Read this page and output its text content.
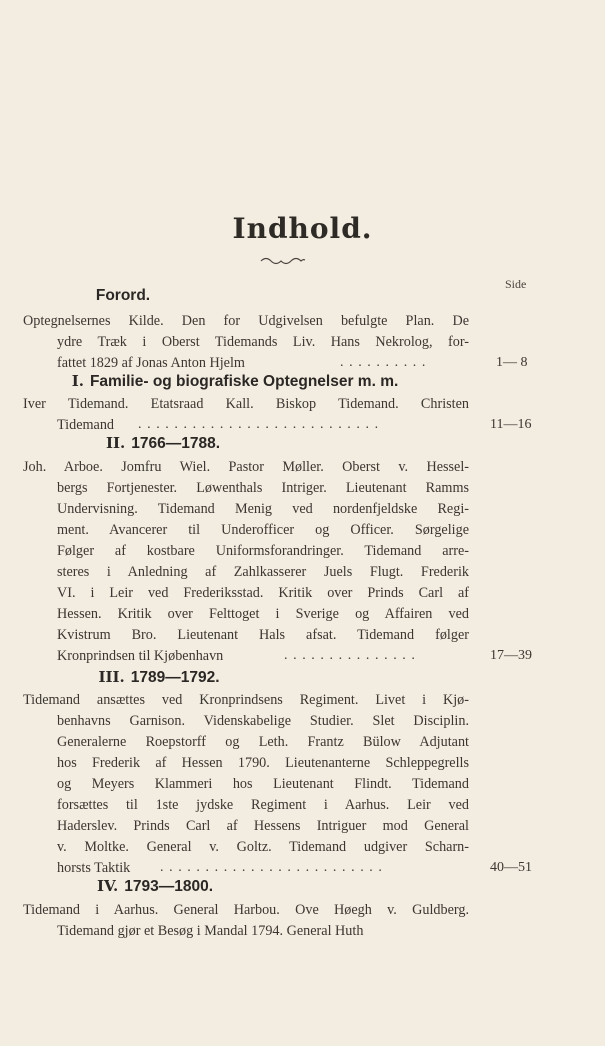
Indhold.
Side
Forord.
Optegnelsernes Kilde. Den for Udgivelsen befulgte Plan. De
ydre Træk i Oberst Tidemands Liv. Hans Nekrolog, for-
fattet 1829 af Jonas Anton Hjelm	..........	1— 8
I. Familie- og biografiske Optegnelser m. m.
Iver Tidemand. Etatsraad Kall. Biskop Tidemand. Christen
Tidemand	...........................	11—16
II. 1766—1788.
Joh. Arboe. Jomfru Wiel. Pastor Møller. Oberst v. Hessel-
bergs Fortjenester. Løwenthals Intriger. Lieutenant Ramms
Undervisning. Tidemand Menig ved nordenfjeldske Regi-
ment. Avancerer til Underofficer og Officer. Sørgelige
Følger af kostbare Uniformsforandringer. Tidemand arre-
steres i Anledning af Zahlkasserer Juels Flugt. Frederik
VI. i Leir ved Frederiksstad. Kritik over Prinds Carl af
Hessen. Kritik over Felttoget i Sverige og Affairen ved
Kvistrum Bro. Lieutenant Hals afsat. Tidemand følger
Kronprindsen til Kjøbenhavn	...............	17—39
III. 1789—1792.
Tidemand ansættes ved Kronprindsens Regiment. Livet i Kjø-
benhavns Garnison. Videnskabelige Studier. Slet Disciplin.
Generalerne Roepstorff og Leth. Frantz Bülow Adjutant
hos Frederik af Hessen 1790. Lieutenanterne Schleppegrells
og Meyers Klammeri hos Lieutenant Flindt. Tidemand
forsættes til 1ste jydske Regiment i Aarhus. Leir ved
Haderslev. Prinds Carl af Hessens Intriguer mod General
v. Moltke. General v. Goltz. Tidemand udgiver Scharn-
horsts Taktik	.........................	40—51
IV. 1793—1800.
Tidemand i Aarhus. General Harbou. Ove Høegh v. Guldberg.
Tidemand gjør et Besøg i Mandal 1794. General Huth
